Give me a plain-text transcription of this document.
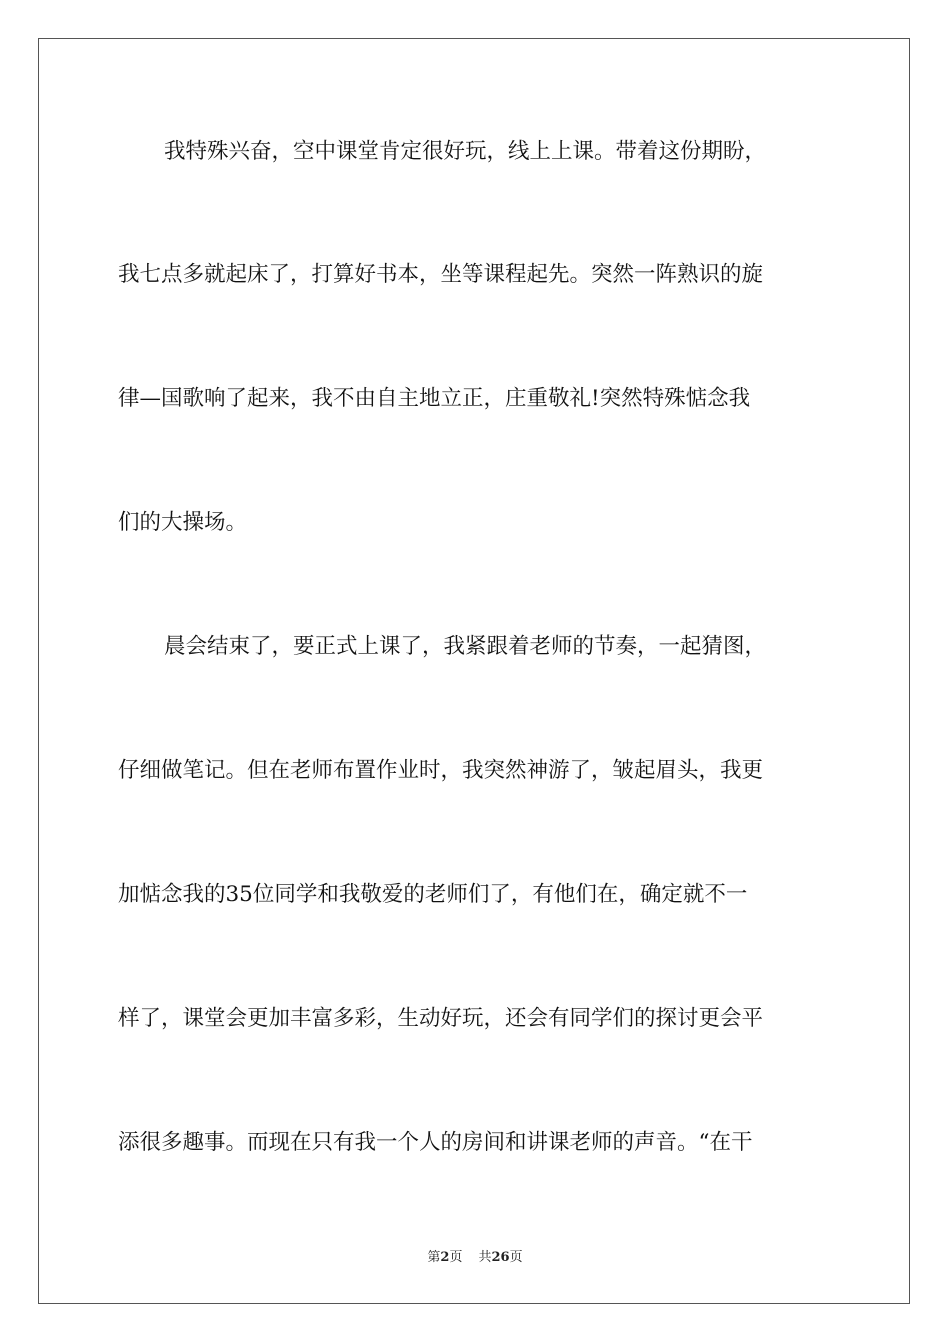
我特殊兴奋，空中课堂肯定很好玩，线上上课。带着这份期盼，
我七点多就起床了，打算好书本，坐等课程起先。突然一阵熟识的旋
律—国歌响了起来，我不由自主地立正，庄重敬礼!突然特殊惦念我
们的大操场。
晨会结束了，要正式上课了，我紧跟着老师的节奏，一起猜图，
仔细做笔记。但在老师布置作业时，我突然神游了，皱起眉头，我更
加惦念我的35位同学和我敬爱的老师们了，有他们在，确定就不一
样了，课堂会更加丰富多彩，生动好玩，还会有同学们的探讨更会平
添很多趣事。而现在只有我一个人的房间和讲课老师的声音。“在干
第2页 共26页
